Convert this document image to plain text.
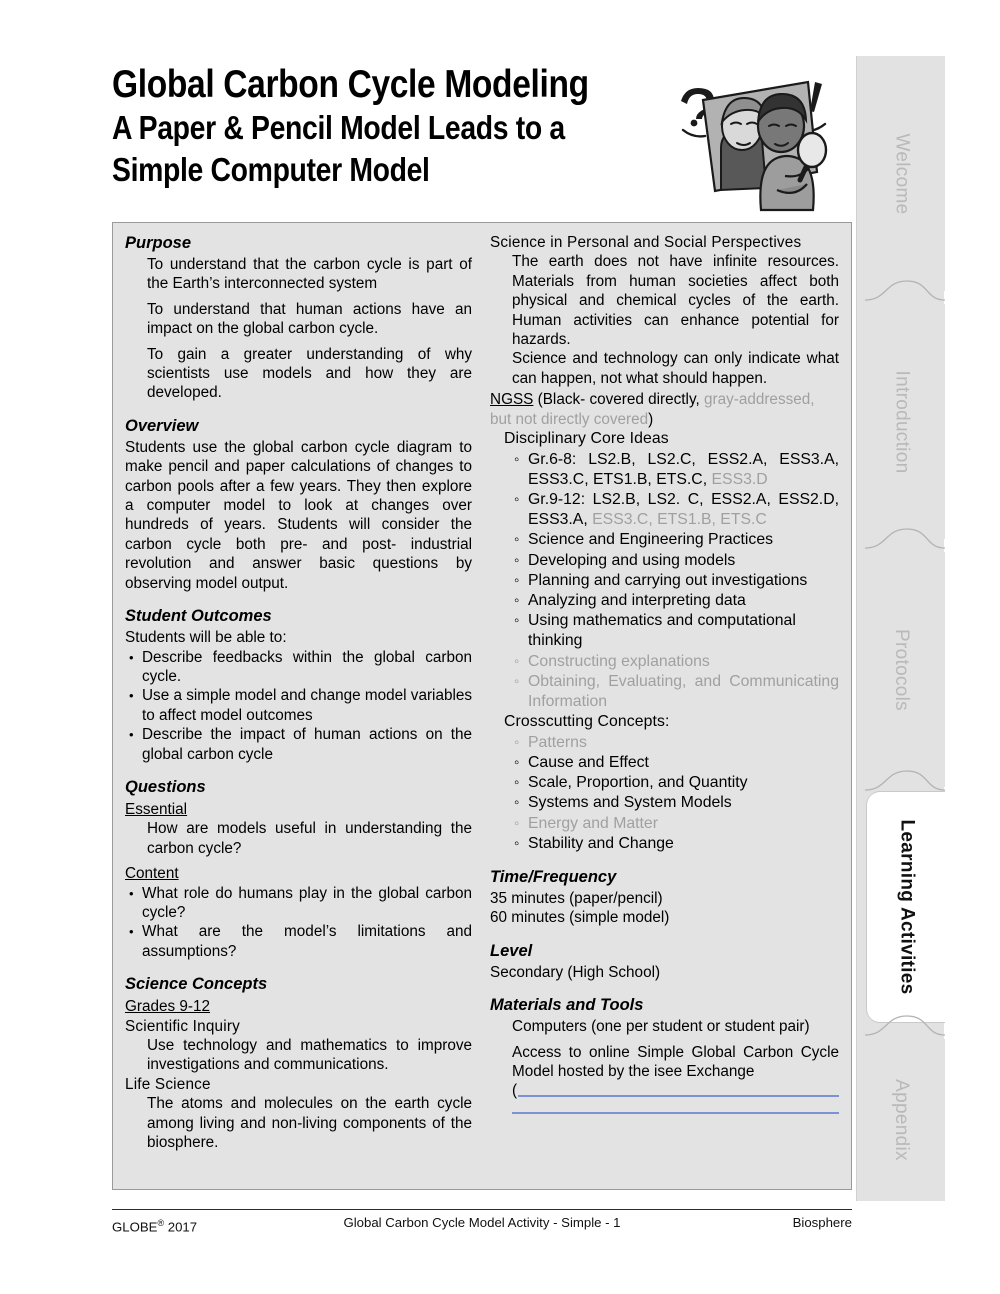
Welcome
Introduction
Protocols
Learning Activities
Appendix
Global Carbon Cycle Modeling
A Paper & Pencil Model Leads to a
Simple Computer Model
Purpose

To understand that the carbon cycle is part of the Earth’s interconnected system

To understand that human actions have an impact on the global carbon cycle.

To gain a greater understanding of why scientists use models and how they are developed.

Overview

Students use the global carbon cycle diagram to make pencil and paper calculations of changes to carbon pools after a few years. They then explore a computer model to look at changes over hundreds of years. Students will consider the carbon cycle both pre- and post- industrial revolution and answer basic questions by observing model output.

Student Outcomes

Students will be able to:

• Describe feedbacks within the global carbon cycle.
• Use a simple model and change model variables to affect model outcomes
• Describe the impact of human actions on the global carbon cycle
Questions

Essential

How are models useful in understanding the carbon cycle?

Content

• What role do humans play in the global carbon cycle?
• What are the model’s limitations and assumptions?
Science Concepts

Grades 9-12

Scientific Inquiry

Use technology and mathematics to improve investigations and communications.

Life Science

The atoms and molecules on the earth cycle among living and non-living components of the biosphere.

Science in Personal and Social Perspectives

The earth does not have infinite resources. Materials from human societies affect both physical and chemical cycles of the earth. Human activities can enhance potential for hazards.

Science and technology can only indicate what can happen, not what should happen.

NGSS (Black- covered directly, gray-addressed, but not directly covered)

Disciplinary Core Ideas

◦ Gr.6-8: LS2.B, LS2.C, ESS2.A, ESS3.A, ESS3.C, ETS1.B, ETS.C, ESS3.D
◦ Gr.9-12: LS2.B, LS2. C, ESS2.A, ESS2.D, ESS3.A, ESS3.C, ETS1.B, ETS.C
◦ Science and Engineering Practices
◦ Developing and using models
◦ Planning and carrying out investigations
◦ Analyzing and interpreting data
◦ Using mathematics and computational thinking
◦ Constructing explanations
◦ Obtaining, Evaluating, and Communicating Information

Crosscutting Concepts:

◦ Patterns
◦ Cause and Effect
◦ Scale, Proportion, and Quantity
◦ Systems and System Models
◦ Energy and Matter
◦ Stability and Change
Time/Frequency

35 minutes (paper/pencil)

60 minutes (simple model)

Level

Secondary (High School)

Materials and Tools

Computers (one per student or student pair)

Access to online Simple Global Carbon Cycle Model hosted by the isee Exchange

(
GLOBE® 2017	Global Carbon Cycle Model Activity - Simple - 1	Biosphere
